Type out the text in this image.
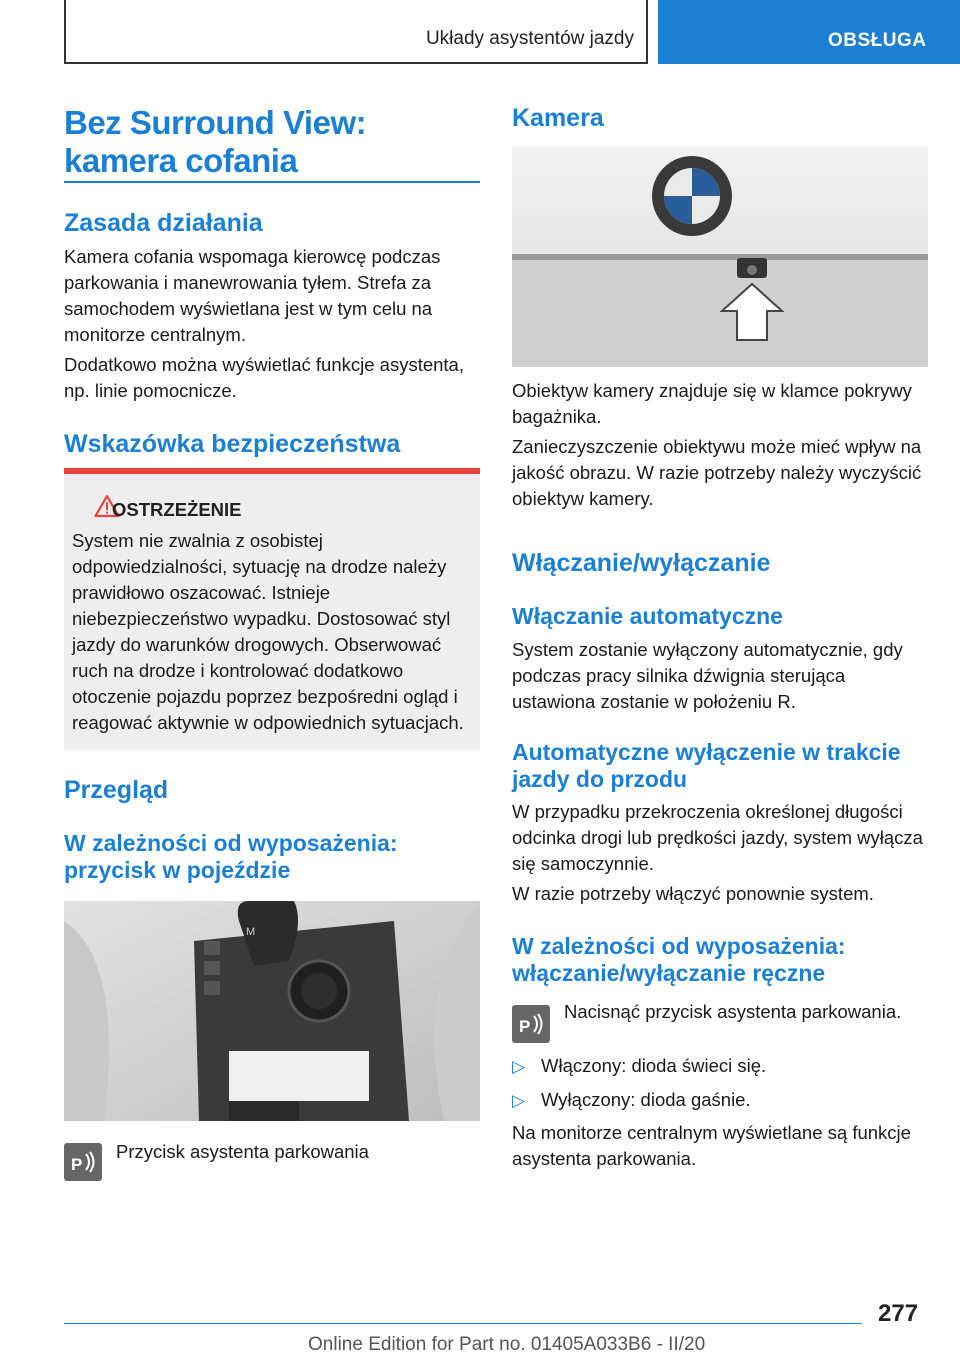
Układy asystentów jazdy	OBSŁUGA
Bez Surround View: kamera cofania
Zasada działania
Kamera cofania wspomaga kierowcę podczas parkowania i manewrowania tyłem. Strefa za samochodem wyświetlana jest w tym celu na monitorze centralnym.
Dodatkowo można wyświetlać funkcje asystenta, np. linie pomocnicze.
Wskazówka bezpieczeństwa
OSTRZEŻENIE
System nie zwalnia z osobistej odpowiedzialności, sytuację na drodze należy prawidłowo oszacować. Istnieje niebezpieczeństwo wypadku. Dostosować styl jazdy do warunków drogowych. Obserwować ruch na drodze i kontrolować dodatkowo otoczenie pojazdu poprzez bezpośredni ogląd i reagować aktywnie w odpowiednich sytuacjach.
Przegląd
W zależności od wyposażenia: przycisk w pojeździe
M
P
Przycisk asystenta parkowania
Kamera
Obiektyw kamery znajduje się w klamce pokrywy bagażnika.
Zanieczyszczenie obiektywu może mieć wpływ na jakość obrazu. W razie potrzeby należy wyczyścić obiektyw kamery.
Włączanie/wyłączanie
Włączanie automatyczne
System zostanie wyłączony automatycznie, gdy podczas pracy silnika dźwignia sterująca ustawiona zostanie w położeniu R.
Automatyczne wyłączenie w trakcie jazdy do przodu
W przypadku przekroczenia określonej długości odcinka drogi lub prędkości jazdy, system wyłącza się samoczynnie.
W razie potrzeby włączyć ponownie system.
W zależności od wyposażenia: włączanie/wyłączanie ręczne
P
Nacisnąć przycisk asystenta parkowania.
▷ Włączony: dioda świeci się.
▷ Wyłączony: dioda gaśnie.
Na monitorze centralnym wyświetlane są funkcje asystenta parkowania.
277
Online Edition for Part no. 01405A033B6 - II/20
